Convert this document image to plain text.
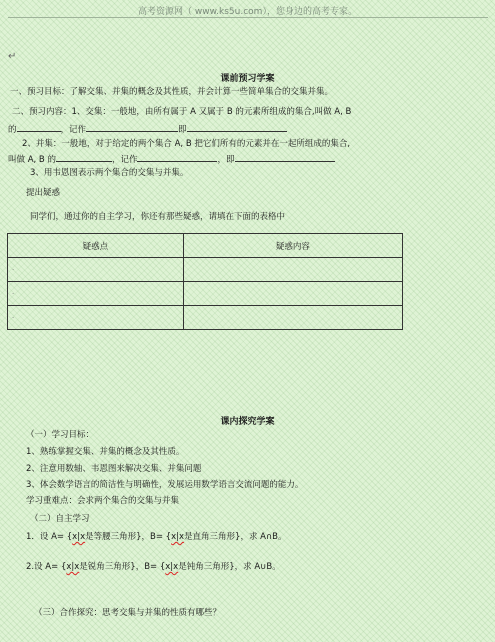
高考资源网（ www.ks5u.com），您身边的高考专家。
↵
课前预习学案
一、预习目标：了解交集、并集的概念及其性质，并会计算一些简单集合的交集并集。
二、预习内容：1、交集：一般地，由所有属于 A 又属于 B 的元素所组成的集合,叫做 A, B
的	，记作	即
2、并集：一般地，对于给定的两个集合 A, B 把它们所有的元素并在一起所组成的集合,
叫做 A, B 的	，记作	，即
3、用韦恩图表示两个集合的交集与并集。
提出疑惑
同学们，通过你的自主学习，你还有那些疑惑，请填在下面的表格中
疑惑点	疑惑内容
·	
·	
·	
课内探究学案
（一）学习目标：
1、熟练掌握交集、并集的概念及其性质。
2、注意用数轴、韦恩图来解决交集、并集问题
3、体会数学语言的简洁性与明确性，发展运用数学语言交流问题的能力。
学习重难点：会求两个集合的交集与并集
（二）自主学习
1．设 A= {x|x是等腰三角形}，B= {x|x是直角三角形}，求 A∩B。
2.设 A= {x|x是锐角三角形}，B= {x|x是钝角三角形}，求 A∪B。
（三）合作探究：思考交集与并集的性质有哪些？
